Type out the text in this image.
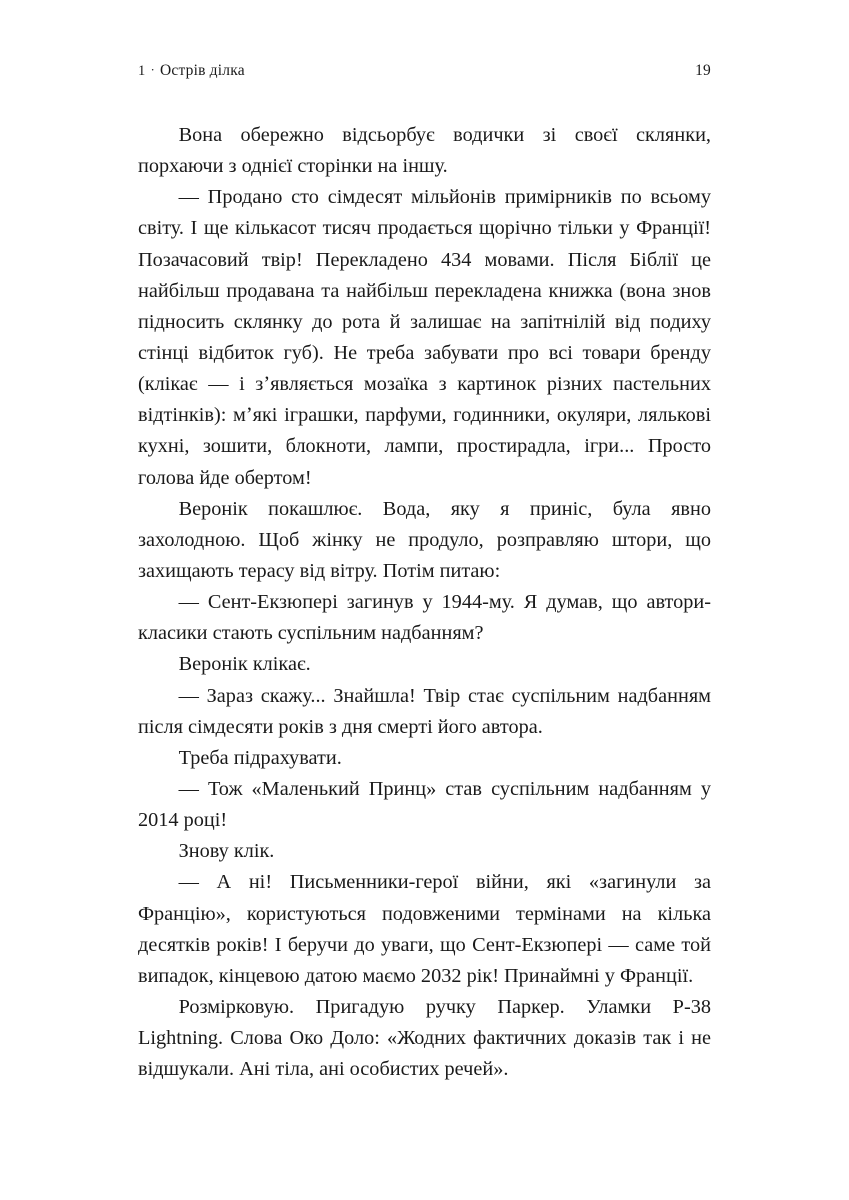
1 · Острів ділка	19

Вона обережно відсьорбує водички зі своєї склянки, порхаючи з однієї сторінки на іншу.

— Продано сто сімдесят мільйонів примірників по всьому світу. І ще кількасот тисяч продається щорічно тільки у Франції! Позачасовий твір! Перекладено 434 мовами. Після Біблії це найбільш продавана та найбільш перекладена книжка (вона знов підносить склянку до рота й залишає на запітнілій від подиху стінці відбиток губ). Не треба забувати про всі товари бренду (клікає — і зʼявляється мозаїка з картинок різних пастельних відтінків): мʼякі іграшки, парфуми, годинники, окуляри, лялькові кухні, зошити, блокноти, лампи, простирадла, ігри... Просто голова йде обертом!

Веронік покашлює. Вода, яку я приніс, була явно захолодною. Щоб жінку не продуло, розправляю штори, що захищають терасу від вітру. Потім питаю:

— Сент-Екзюпері загинув у 1944-му. Я думав, що автори-класики стають суспільним надбанням?

Веронік клікає.

— Зараз скажу... Знайшла! Твір стає суспільним надбанням після сімдесяти років з дня смерті його автора.

Треба підрахувати.

— Тож «Маленький Принц» став суспільним надбанням у 2014 році!

Знову клік.

— А ні! Письменники-герої війни, які «загинули за Францію», користуються подовженими термінами на кілька десятків років! І беручи до уваги, що Сент-Екзюпері — саме той випадок, кінцевою датою маємо 2032 рік! Принаймні у Франції.

Розмірковую. Пригадую ручку Паркер. Уламки P-38 Lightning. Слова Око Доло: «Жодних фактичних доказів так і не відшукали. Ані тіла, ані особистих речей».
